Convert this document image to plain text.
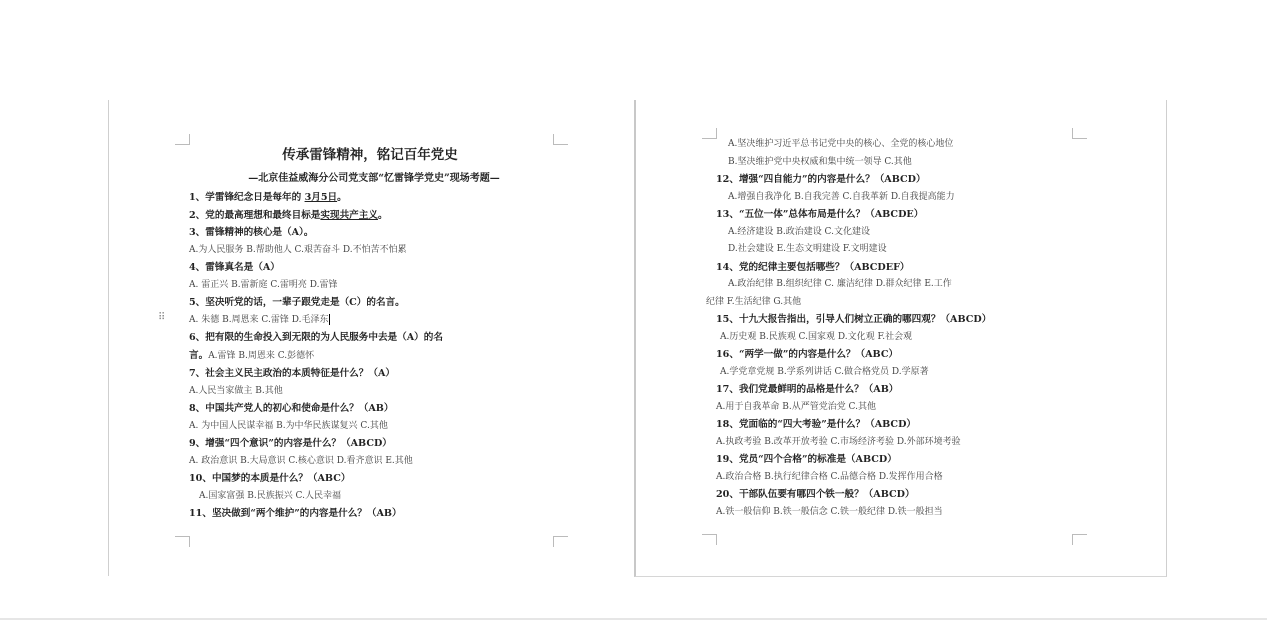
传承雷锋精神，铭记百年党史
—北京佳益威海分公司党支部“忆雷锋学党史”现场考题—
1、学雷锋纪念日是每年的 3月5日。
2、党的最高理想和最终目标是实现共产主义。
3、雷锋精神的核心是（A）。
A.为人民服务 B.帮助他人 C.艰苦奋斗 D.不怕苦不怕累
4、雷锋真名是（A）
A. 雷正兴 B.雷新庭 C.雷明亮 D.雷锋
5、坚决听党的话，一辈子跟党走是（C）的名言。
A. 朱德 B.周恩来 C.雷锋 D.毛泽东
6、把有限的生命投入到无限的为人民服务中去是（A）的名
言。A.雷锋 B.周恩来 C.彭德怀
7、社会主义民主政治的本质特征是什么？（A）
A.人民当家做主 B.其他
8、中国共产党人的初心和使命是什么？（AB）
A. 为中国人民谋幸福 B.为中华民族谋复兴 C.其他
9、增强“四个意识”的内容是什么？（ABCD）
A. 政治意识 B.大局意识 C.核心意识 D.看齐意识 E.其他
10、中国梦的本质是什么？（ABC）
A.国家富强 B.民族振兴 C.人民幸福
11、坚决做到“两个维护”的内容是什么？（AB）
⠿
A.坚决维护习近平总书记党中央的核心、全党的核心地位
B.坚决维护党中央权威和集中统一领导 C.其他
12、增强“四自能力”的内容是什么？（ABCD）
A.增强自我净化 B.自我完善 C.自我革新 D.自我提高能力
13、“五位一体”总体布局是什么？（ABCDE）
A.经济建设 B.政治建设 C.文化建设
D.社会建设 E.生态文明建设 F.文明建设
14、党的纪律主要包括哪些？（ABCDEF）
A.政治纪律 B.组织纪律 C. 廉洁纪律 D.群众纪律 E.工作
纪律 F.生活纪律 G.其他
15、十九大报告指出，引导人们树立正确的哪四观？（ABCD）
A.历史观 B.民族观 C.国家观 D.文化观 F.社会观
16、“两学一做”的内容是什么？（ABC）
A.学党章党规 B.学系列讲话 C.做合格党员 D.学原著
17、我们党最鲜明的品格是什么？（AB）
A.用于自我革命 B.从严管党治党 C.其他
18、党面临的“四大考验”是什么？（ABCD）
A.执政考验 B.改革开放考验 C.市场经济考验 D.外部环境考验
19、党员“四个合格”的标准是（ABCD）
A.政治合格 B.执行纪律合格 C.品德合格 D.发挥作用合格
20、干部队伍要有哪四个铁一般？（ABCD）
A.铁一般信仰 B.铁一般信念 C.铁一般纪律 D.铁一般担当
